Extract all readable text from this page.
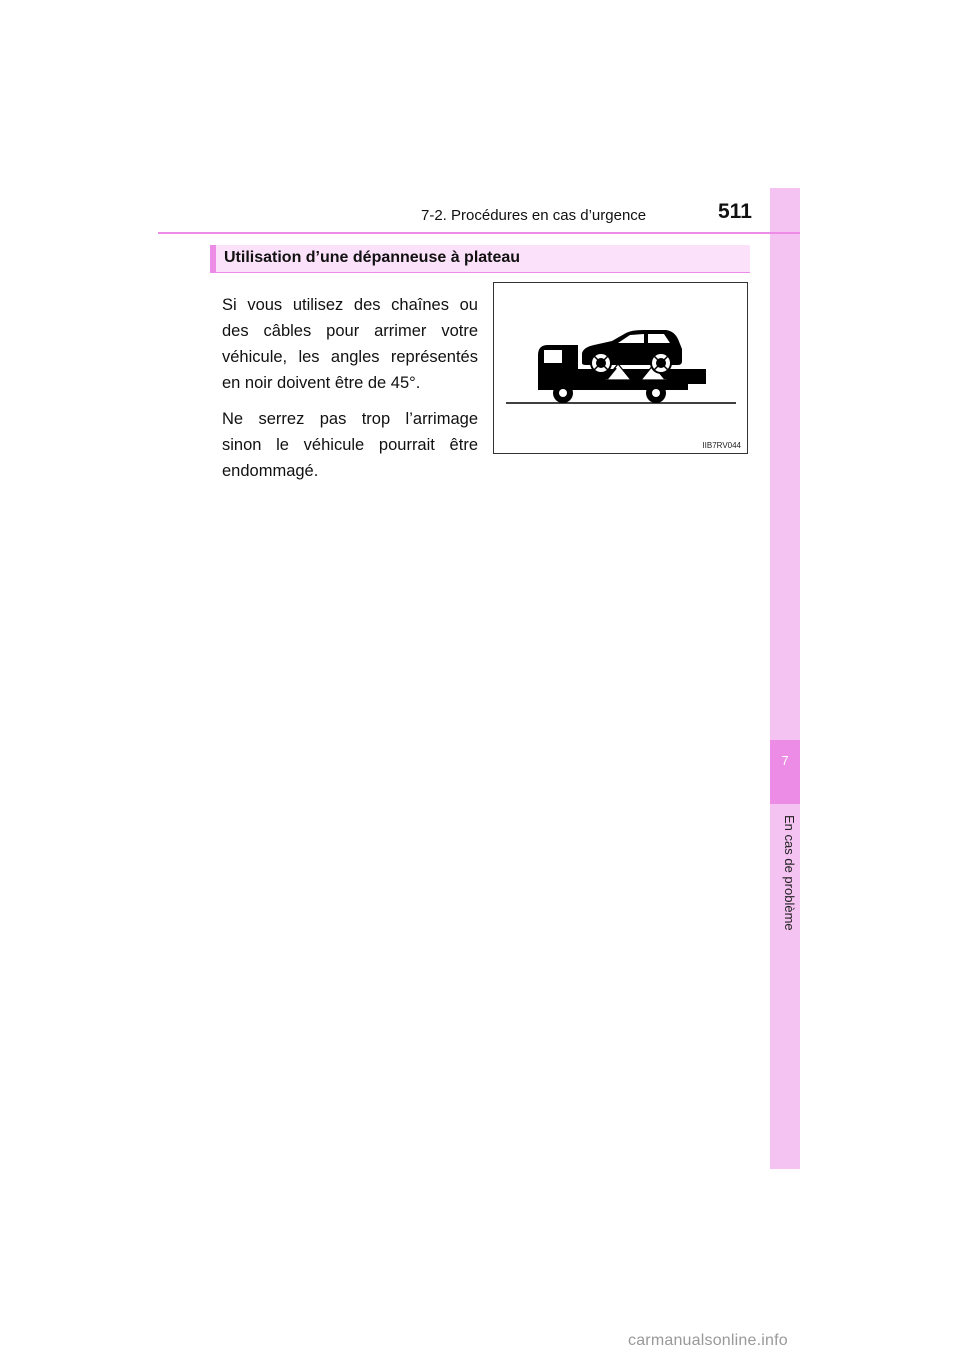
7
En cas de problème
7-2. Procédures en cas d’urgence	511
Utilisation d’une dépanneuse à plateau

Si vous utilisez des chaînes ou des câbles pour arrimer votre véhicule, les angles représentés en noir doivent être de 45°.

Ne serrez pas trop l’arrimage sinon le véhicule pourrait être endommagé.

IIB7RV044
carmanualsonline.info
